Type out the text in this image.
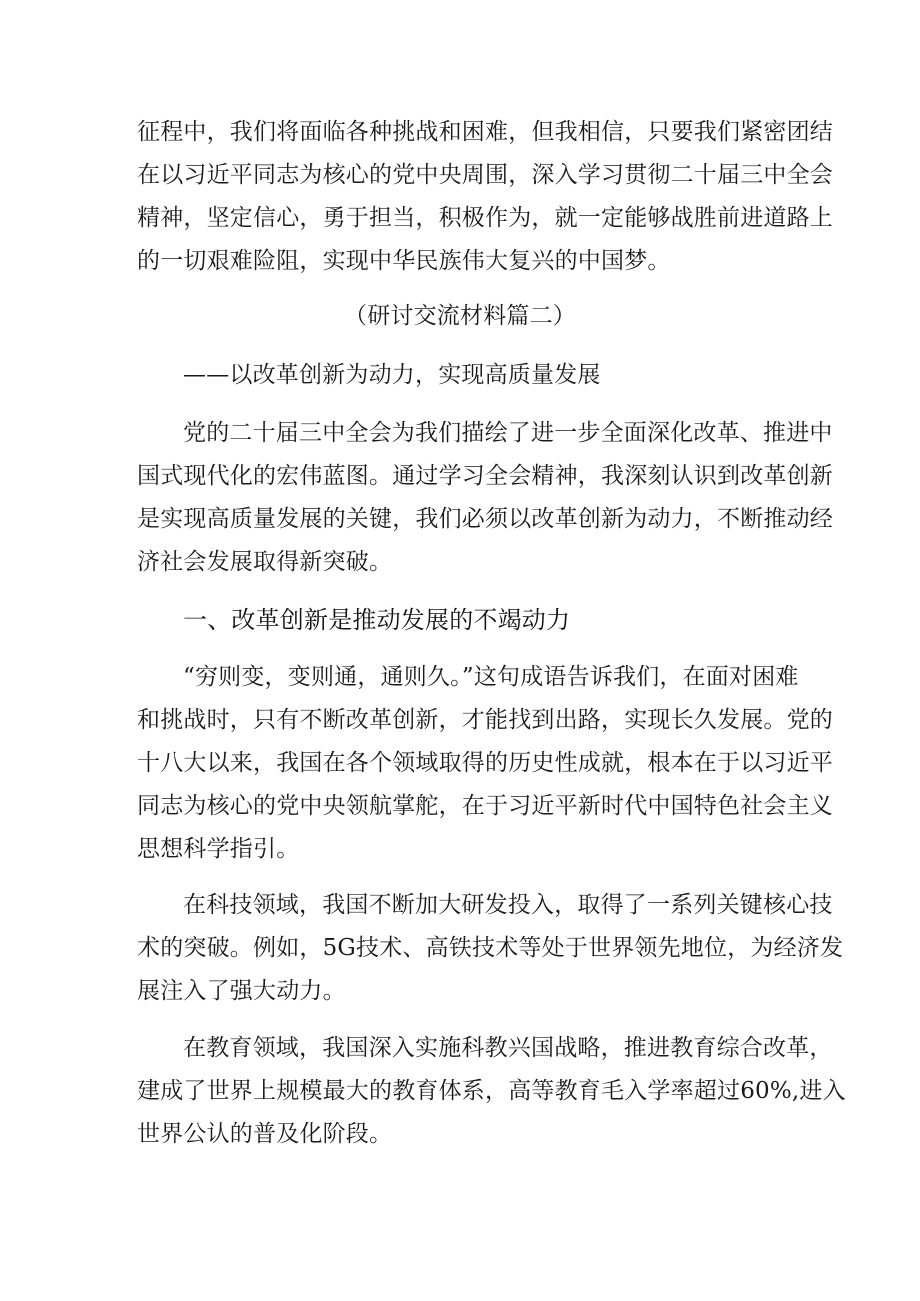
征程中，我们将面临各种挑战和困难，但我相信，只要我们紧密团结
在以习近平同志为核心的党中央周围，深入学习贯彻二十届三中全会
精神，坚定信心，勇于担当，积极作为，就一定能够战胜前进道路上
的一切艰难险阻，实现中华民族伟大复兴的中国梦。
（研讨交流材料篇二）
——以改革创新为动力，实现高质量发展
党的二十届三中全会为我们描绘了进一步全面深化改革、推进中
国式现代化的宏伟蓝图。通过学习全会精神，我深刻认识到改革创新
是实现高质量发展的关键，我们必须以改革创新为动力，不断推动经
济社会发展取得新突破。
一、改革创新是推动发展的不竭动力
“穷则变，变则通，通则久。”这句成语告诉我们，在面对困难
和挑战时，只有不断改革创新，才能找到出路，实现长久发展。党的
十八大以来，我国在各个领域取得的历史性成就，根本在于以习近平
同志为核心的党中央领航掌舵，在于习近平新时代中国特色社会主义
思想科学指引。
在科技领域，我国不断加大研发投入，取得了一系列关键核心技
术的突破。例如，5G技术、高铁技术等处于世界领先地位，为经济发
展注入了强大动力。
在教育领域，我国深入实施科教兴国战略，推进教育综合改革，
建成了世界上规模最大的教育体系，高等教育毛入学率超过60%,进入
世界公认的普及化阶段。
